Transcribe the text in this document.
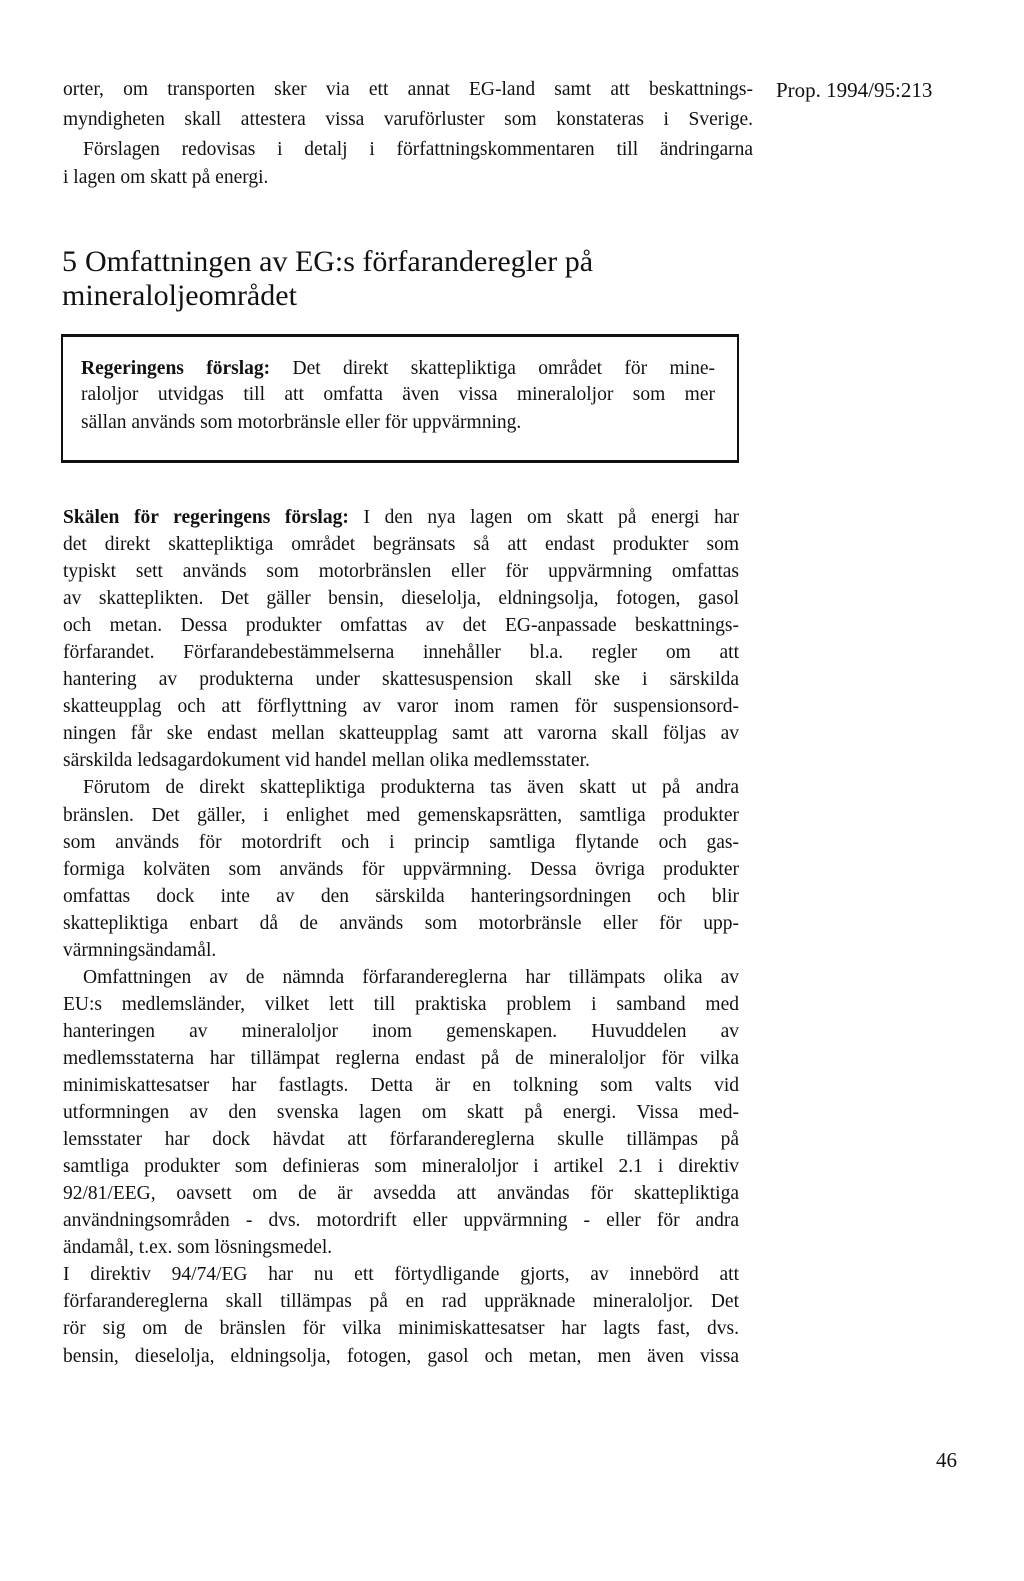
Prop. 1994/95:213
orter, om transporten sker via ett annat EG-land samt att beskattnings-
myndigheten skall attestera vissa varuförluster som konstateras i Sverige.
Förslagen redovisas i detalj i författningskommentaren till ändringarna
i lagen om skatt på energi.
5 Omfattningen av EG:s förfaranderegler på
mineraloljeområdet
Regeringens förslag: Det direkt skattepliktiga området för mine-
raloljor utvidgas till att omfatta även vissa mineraloljor som mer
sällan används som motorbränsle eller för uppvärmning.
Skälen för regeringens förslag: I den nya lagen om skatt på energi har
det direkt skattepliktiga området begränsats så att endast produkter som
typiskt sett används som motorbränslen eller för uppvärmning omfattas
av skatteplikten. Det gäller bensin, dieselolja, eldningsolja, fotogen, gasol
och metan. Dessa produkter omfattas av det EG-anpassade beskattnings-
förfarandet. Förfarandebestämmelserna innehåller bl.a. regler om att
hantering av produkterna under skattesuspension skall ske i särskilda
skatteupplag och att förflyttning av varor inom ramen för suspensionsord-
ningen får ske endast mellan skatteupplag samt att varorna skall följas av
särskilda ledsagardokument vid handel mellan olika medlemsstater.
Förutom de direkt skattepliktiga produkterna tas även skatt ut på andra
bränslen. Det gäller, i enlighet med gemenskapsrätten, samtliga produkter
som används för motordrift och i princip samtliga flytande och gas-
formiga kolväten som används för uppvärmning. Dessa övriga produkter
omfattas dock inte av den särskilda hanteringsordningen och blir
skattepliktiga enbart då de används som motorbränsle eller för upp-
värmningsändamål.
Omfattningen av de nämnda förfarandereglerna har tillämpats olika av
EU:s medlemsländer, vilket lett till praktiska problem i samband med
hanteringen av mineraloljor inom gemenskapen. Huvuddelen av
medlemsstaterna har tillämpat reglerna endast på de mineraloljor för vilka
minimiskattesatser har fastlagts. Detta är en tolkning som valts vid
utformningen av den svenska lagen om skatt på energi. Vissa med-
lemsstater har dock hävdat att förfarandereglerna skulle tillämpas på
samtliga produkter som definieras som mineraloljor i artikel 2.1 i direktiv
92/81/EEG, oavsett om de är avsedda att användas för skattepliktiga
användningsområden - dvs. motordrift eller uppvärmning - eller för andra
ändamål, t.ex. som lösningsmedel.
I direktiv 94/74/EG har nu ett förtydligande gjorts, av innebörd att
förfarandereglerna skall tillämpas på en rad uppräknade mineraloljor. Det
rör sig om de bränslen för vilka minimiskattesatser har lagts fast, dvs.
bensin, dieselolja, eldningsolja, fotogen, gasol och metan, men även vissa
46
